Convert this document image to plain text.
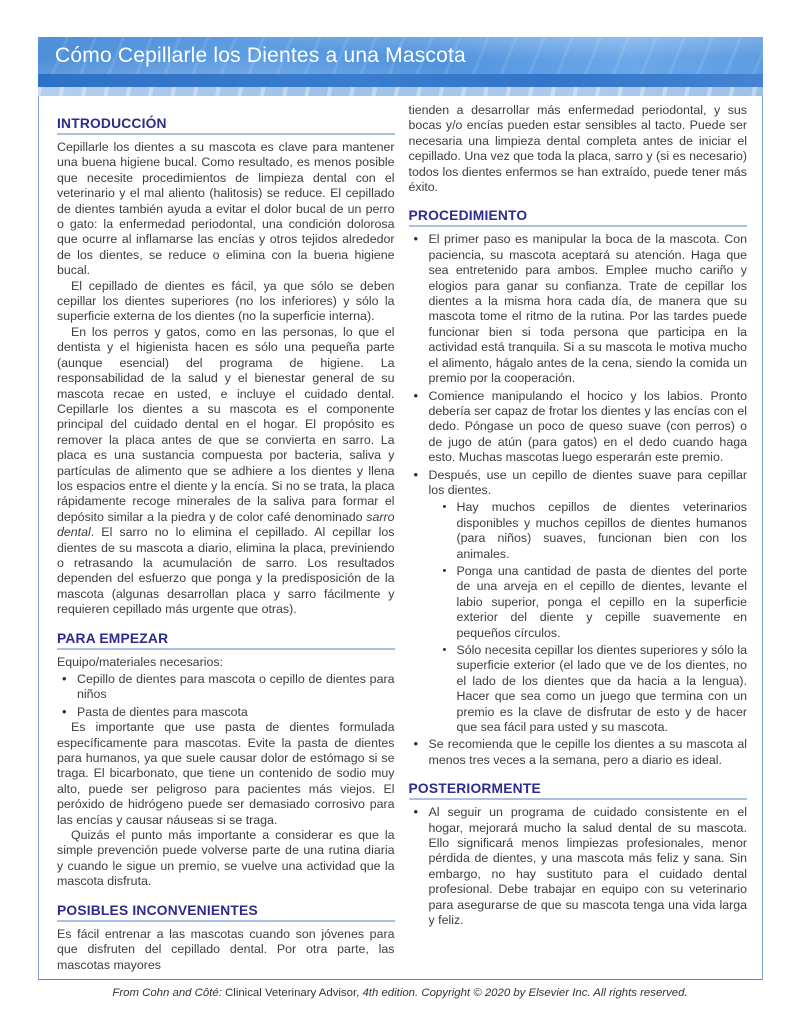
Cómo Cepillarle los Dientes a una Mascota
INTRODUCCIÓN

Cepillarle los dientes a su mascota es clave para mantener una buena higiene bucal. Como resultado, es menos posible que necesite procedimientos de limpieza dental con el veterinario y el mal aliento (halitosis) se reduce. El cepillado de dientes también ayuda a evitar el dolor bucal de un perro o gato: la enfermedad periodontal, una condición dolorosa que ocurre al inflamarse las encías y otros tejidos alrededor de los dientes, se reduce o elimina con la buena higiene bucal.

El cepillado de dientes es fácil, ya que sólo se deben cepillar los dientes superiores (no los inferiores) y sólo la superficie externa de los dientes (no la superficie interna).

En los perros y gatos, como en las personas, lo que el dentista y el higienista hacen es sólo una pequeña parte (aunque esencial) del programa de higiene. La responsabilidad de la salud y el bienestar general de su mascota recae en usted, e incluye el cuidado dental. Cepillarle los dientes a su mascota es el componente principal del cuidado dental en el hogar. El propósito es remover la placa antes de que se convierta en sarro. La placa es una sustancia compuesta por bacteria, saliva y partículas de alimento que se adhiere a los dientes y llena los espacios entre el diente y la encía. Si no se trata, la placa rápidamente recoge minerales de la saliva para formar el depósito similar a la piedra y de color café denominado sarro dental. El sarro no lo elimina el cepillado. Al cepillar los dientes de su mascota a diario, elimina la placa, previniendo o retrasando la acumulación de sarro. Los resultados dependen del esfuerzo que ponga y la predisposición de la mascota (algunas desarrollan placa y sarro fácilmente y requieren cepillado más urgente que otras).

PARA EMPEZAR

Equipo/materiales necesarios:

• Cepillo de dientes para mascota o cepillo de dientes para niños
• Pasta de dientes para mascota

Es importante que use pasta de dientes formulada específicamente para mascotas. Evite la pasta de dientes para humanos, ya que suele causar dolor de estómago si se traga. El bicarbonato, que tiene un contenido de sodio muy alto, puede ser peligroso para pacientes más viejos. El peróxido de hidrógeno puede ser demasiado corrosivo para las encías y causar náuseas si se traga.

Quizás el punto más importante a considerar es que la simple prevención puede volverse parte de una rutina diaria y cuando le sigue un premio, se vuelve una actividad que la mascota disfruta.

POSIBLES INCONVENIENTES

Es fácil entrenar a las mascotas cuando son jóvenes para que disfruten del cepillado dental. Por otra parte, las mascotas mayores

tienden a desarrollar más enfermedad periodontal, y sus bocas y/o encías pueden estar sensibles al tacto. Puede ser necesaria una limpieza dental completa antes de iniciar el cepillado. Una vez que toda la placa, sarro y (si es necesario) todos los dientes enfermos se han extraído, puede tener más éxito.

PROCEDIMIENTO
• El primer paso es manipular la boca de la mascota. Con paciencia, su mascota aceptará su atención. Haga que sea entretenido para ambos. Emplee mucho cariño y elogios para ganar su confianza. Trate de cepillar los dientes a la misma hora cada día, de manera que su mascota tome el ritmo de la rutina. Por las tardes puede funcionar bien si toda persona que participa en la actividad está tranquila. Si a su mascota le motiva mucho el alimento, hágalo antes de la cena, siendo la comida un premio por la cooperación.
• Comience manipulando el hocico y los labios. Pronto debería ser capaz de frotar los dientes y las encías con el dedo. Póngase un poco de queso suave (con perros) o de jugo de atún (para gatos) en el dedo cuando haga esto. Muchas mascotas luego esperarán este premio.
• Después, use un cepillo de dientes suave para cepillar los dientes.
• Hay muchos cepillos de dientes veterinarios disponibles y muchos cepillos de dientes humanos (para niños) suaves, funcionan bien con los animales.
• Ponga una cantidad de pasta de dientes del porte de una arveja en el cepillo de dientes, levante el labio superior, ponga el cepillo en la superficie exterior del diente y cepille suavemente en pequeños círculos.
• Sólo necesita cepillar los dientes superiores y sólo la superficie exterior (el lado que ve de los dientes, no el lado de los dientes que da hacia a la lengua). Hacer que sea como un juego que termina con un premio es la clave de disfrutar de esto y de hacer que sea fácil para usted y su mascota.
• Se recomienda que le cepille los dientes a su mascota al menos tres veces a la semana, pero a diario es ideal.
POSTERIORMENTE
• Al seguir un programa de cuidado consistente en el hogar, mejorará mucho la salud dental de su mascota. Ello significará menos limpiezas profesionales, menor pérdida de dientes, y una mascota más feliz y sana. Sin embargo, no hay sustituto para el cuidado dental profesional. Debe trabajar en equipo con su veterinario para asegurarse de que su mascota tenga una vida larga y feliz.
From Cohn and Côté: Clinical Veterinary Advisor, 4th edition. Copyright © 2020 by Elsevier Inc. All rights reserved.
